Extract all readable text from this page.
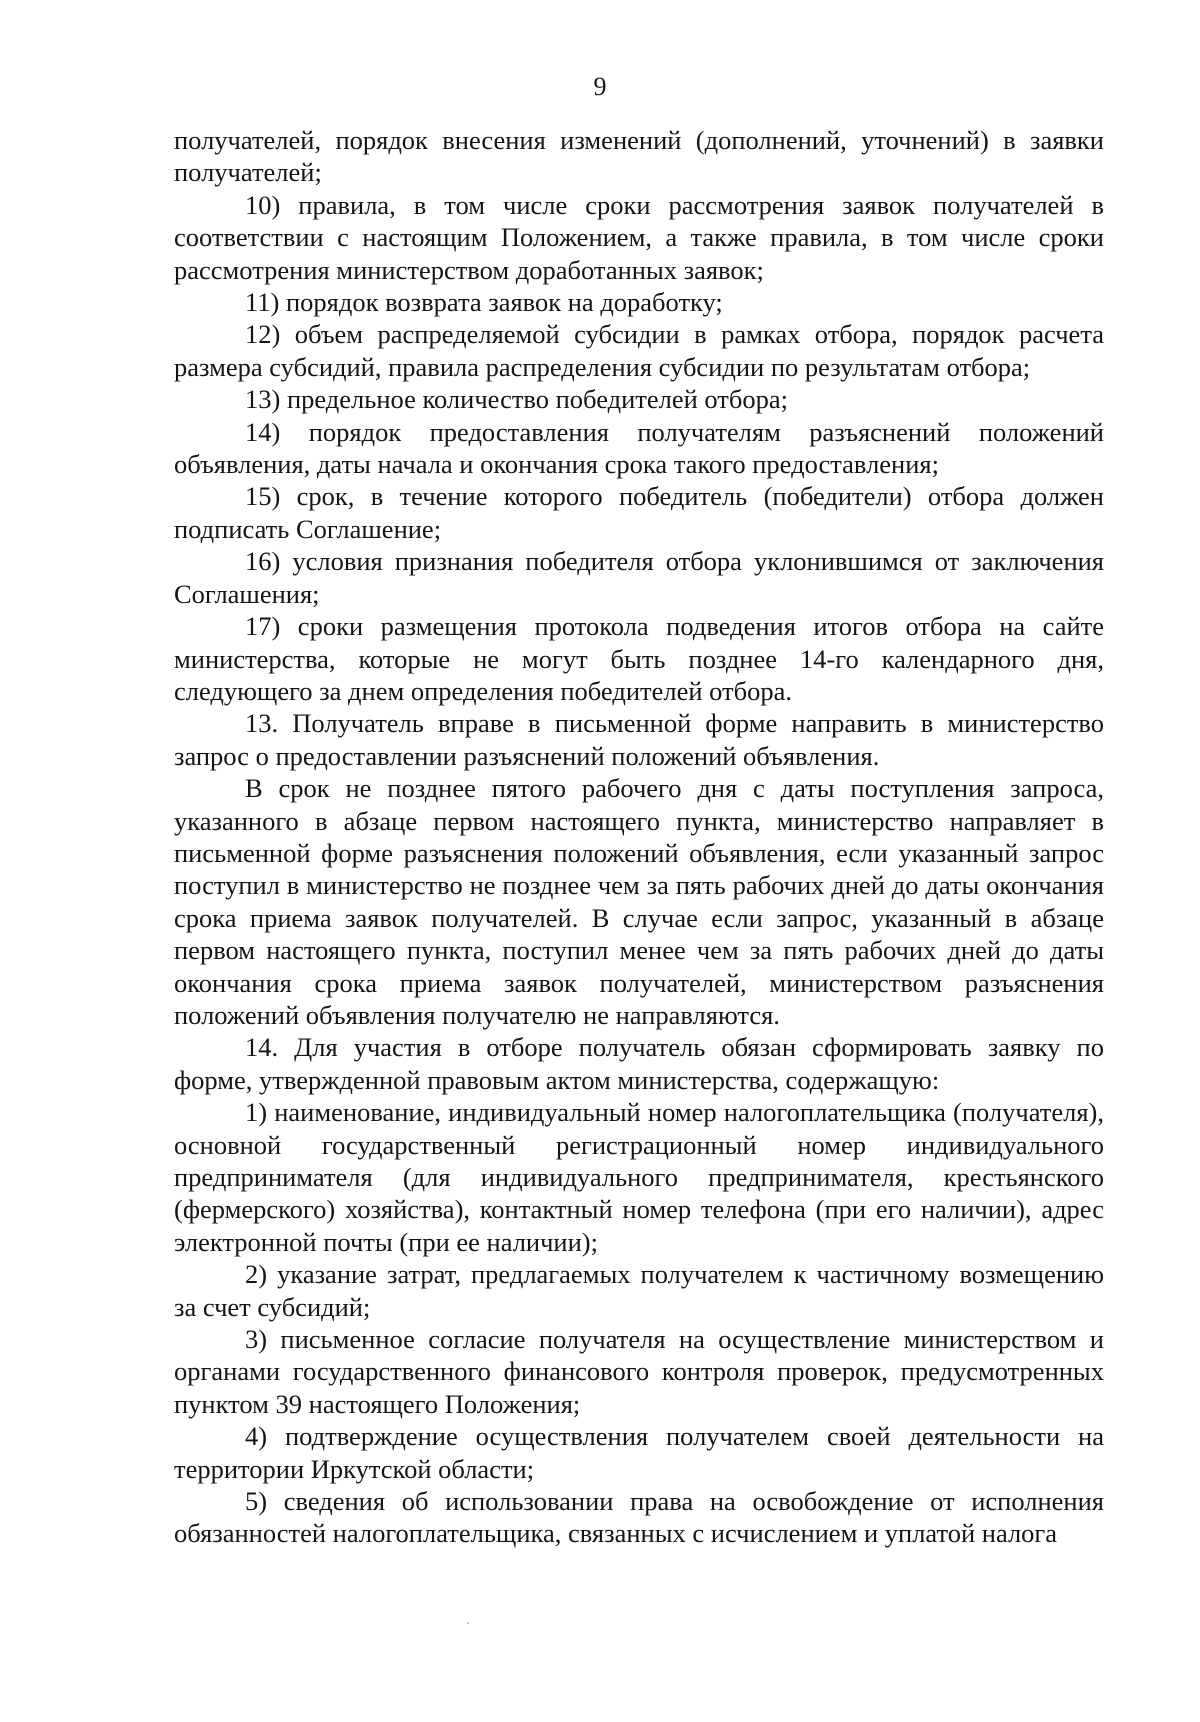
9

получателей, порядок внесения изменений (дополнений, уточнений) в заявки получателей;

10) правила, в том числе сроки рассмотрения заявок получателей в соответствии с настоящим Положением, а также правила, в том числе сроки рассмотрения министерством доработанных заявок;

11) порядок возврата заявок на доработку;

12) объем распределяемой субсидии в рамках отбора, порядок расчета размера субсидий, правила распределения субсидии по результатам отбора;

13) предельное количество победителей отбора;

14) порядок предоставления получателям разъяснений положений объявления, даты начала и окончания срока такого предоставления;

15) срок, в течение которого победитель (победители) отбора должен подписать Соглашение;

16) условия признания победителя отбора уклонившимся от заключения Соглашения;

17) сроки размещения протокола подведения итогов отбора на сайте министерства, которые не могут быть позднее 14-го календарного дня, следующего за днем определения победителей отбора.

13. Получатель вправе в письменной форме направить в министерство запрос о предоставлении разъяснений положений объявления.

В срок не позднее пятого рабочего дня с даты поступления запроса, указанного в абзаце первом настоящего пункта, министерство направляет в письменной форме разъяснения положений объявления, если указанный запрос поступил в министерство не позднее чем за пять рабочих дней до даты окончания срока приема заявок получателей. В случае если запрос, указанный в абзаце первом настоящего пункта, поступил менее чем за пять рабочих дней до даты окончания срока приема заявок получателей, министерством разъяснения положений объявления получателю не направляются.

14. Для участия в отборе получатель обязан сформировать заявку по форме, утвержденной правовым актом министерства, содержащую:

1) наименование, индивидуальный номер налогоплательщика (получателя), основной государственный регистрационный номер индивидуального предпринимателя (для индивидуального предпринимателя, крестьянского (фермерского) хозяйства), контактный номер телефона (при его наличии), адрес электронной почты (при ее наличии);

2) указание затрат, предлагаемых получателем к частичному возмещению за счет субсидий;

3) письменное согласие получателя на осуществление министерством и органами государственного финансового контроля проверок, предусмотренных пунктом 39 настоящего Положения;

4) подтверждение осуществления получателем своей деятельности на территории Иркутской области;

5) сведения об использовании права на освобождение от исполнения обязанностей налогоплательщика, связанных с исчислением и уплатой налога
